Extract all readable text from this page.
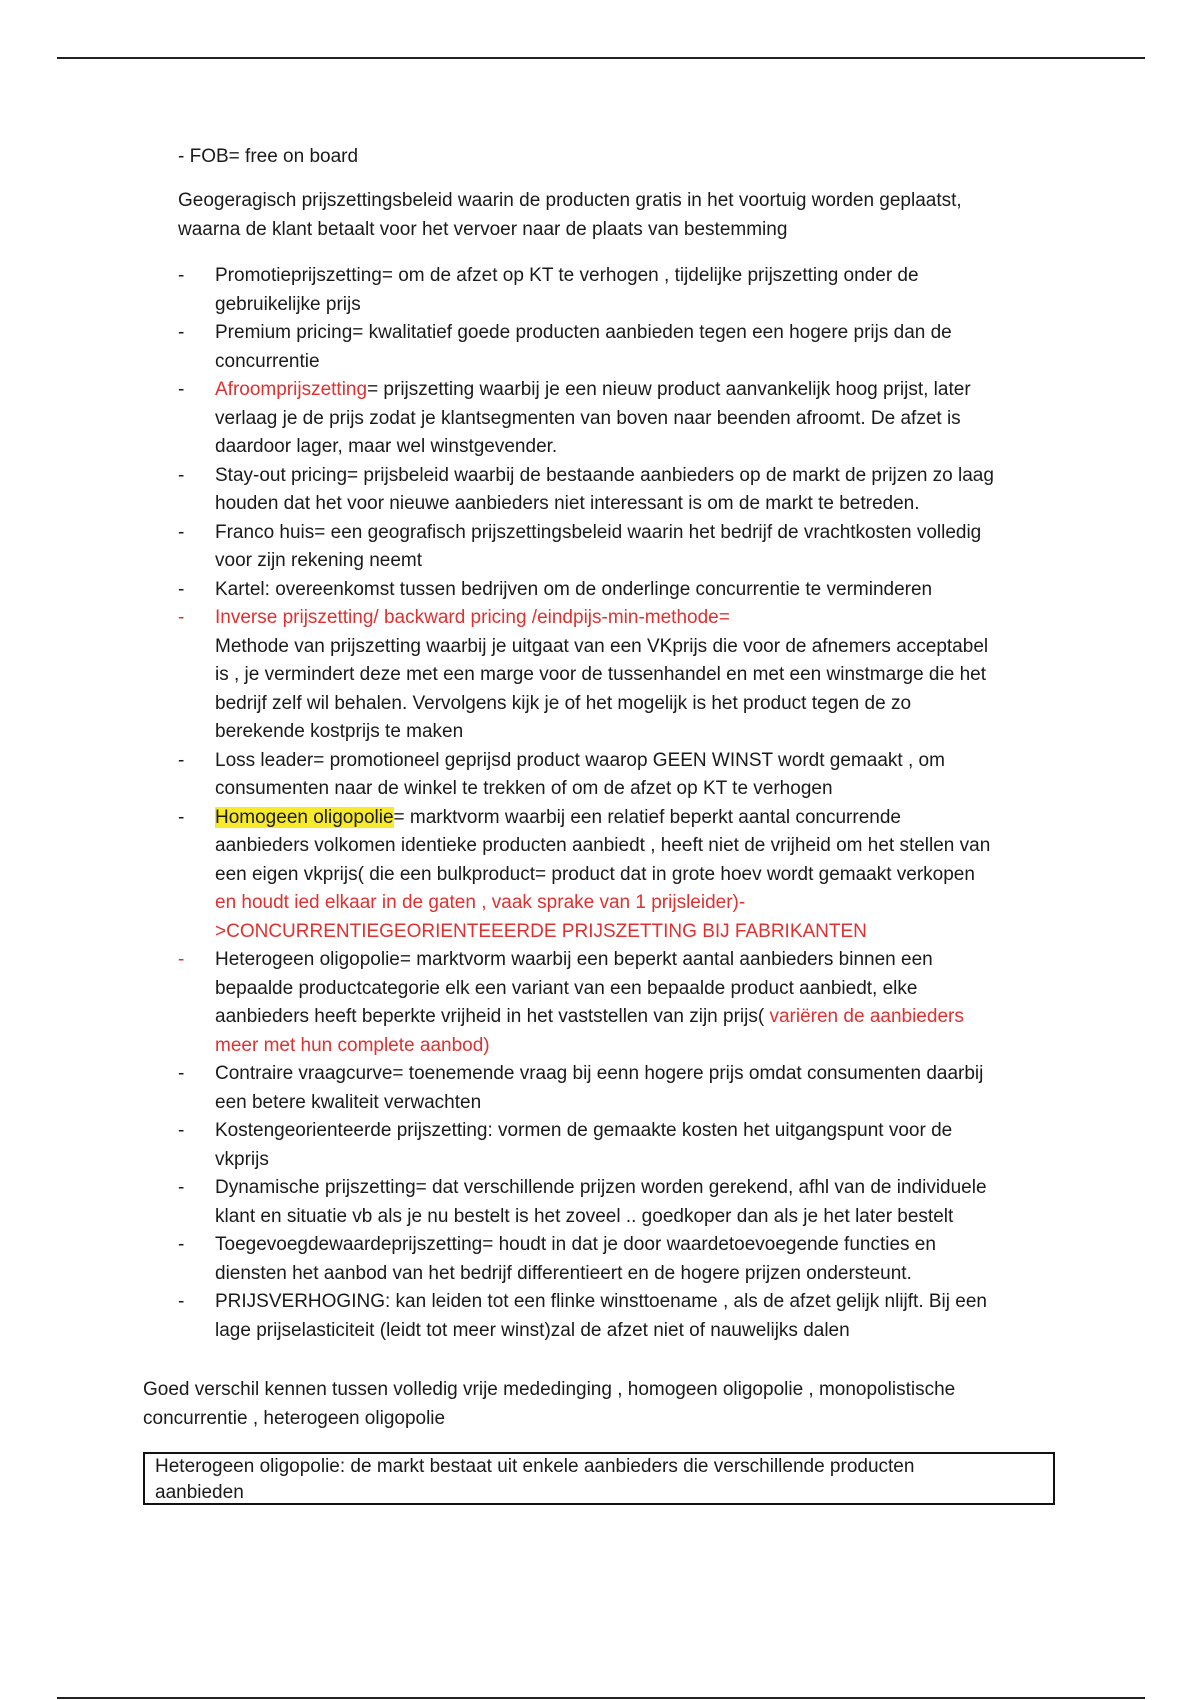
- FOB= free on board
Geogeragisch prijszettingsbeleid waarin de producten gratis in het voortuig worden geplaatst,
waarna de klant betaalt voor het vervoer naar de plaats van bestemming
- Promotieprijszetting= om de afzet op KT te verhogen , tijdelijke prijszetting onder de
gebruikelijke prijs
- Premium pricing= kwalitatief goede producten aanbieden tegen een hogere prijs dan de
concurrentie
- Afroomprijszetting= prijszetting waarbij je een nieuw product aanvankelijk hoog prijst, later
verlaag je de prijs zodat je klantsegmenten van boven naar beenden afroomt. De afzet is
daardoor lager, maar wel winstgevender.
- Stay-out pricing= prijsbeleid waarbij de bestaande aanbieders op de markt de prijzen zo laag
houden dat het voor nieuwe aanbieders niet interessant is om de markt te betreden.
- Franco huis= een geografisch prijszettingsbeleid waarin het bedrijf de vrachtkosten volledig
voor zijn rekening neemt
- Kartel: overeenkomst tussen bedrijven om de onderlinge concurrentie te verminderen
- Inverse prijszetting/ backward pricing /eindpijs-min-methode=
Methode van prijszetting waarbij je uitgaat van een VKprijs die voor de afnemers acceptabel
is , je vermindert deze met een marge voor de tussenhandel en met een winstmarge die het
bedrijf zelf wil behalen. Vervolgens kijk je of het mogelijk is het product tegen de zo
berekende kostprijs te maken
- Loss leader= promotioneel geprijsd product waarop GEEN WINST wordt gemaakt , om
consumenten naar de winkel te trekken of om de afzet op KT te verhogen
- Homogeen oligopolie= marktvorm waarbij een relatief beperkt aantal concurrende
aanbieders volkomen identieke producten aanbiedt , heeft niet de vrijheid om het stellen van
een eigen vkprijs( die een bulkproduct= product dat in grote hoev wordt gemaakt verkopen
en houdt ied elkaar in de gaten , vaak sprake van 1 prijsleider)-
>CONCURRENTIEGEORIENTEEERDE PRIJSZETTING BIJ FABRIKANTEN
- Heterogeen oligopolie= marktvorm waarbij een beperkt aantal aanbieders binnen een
bepaalde productcategorie elk een variant van een bepaalde product aanbiedt, elke
aanbieders heeft beperkte vrijheid in het vaststellen van zijn prijs( variëren de aanbieders
meer met hun complete aanbod)
- Contraire vraagcurve= toenemende vraag bij eenn hogere prijs omdat consumenten daarbij
een betere kwaliteit verwachten
- Kostengeorienteerde prijszetting: vormen de gemaakte kosten het uitgangspunt voor de
vkprijs
- Dynamische prijszetting= dat verschillende prijzen worden gerekend, afhl van de individuele
klant en situatie vb als je nu bestelt is het zoveel .. goedkoper dan als je het later bestelt
- Toegevoegdewaardeprijszetting= houdt in dat je door waardetoevoegende functies en
diensten het aanbod van het bedrijf differentieert en de hogere prijzen ondersteunt.
- PRIJSVERHOGING: kan leiden tot een flinke winsttoename , als de afzet gelijk nlijft. Bij een
lage prijselasticiteit (leidt tot meer winst)zal de afzet niet of nauwelijks dalen
Goed verschil kennen tussen volledig vrije mededinging , homogeen oligopolie , monopolistische
concurrentie , heterogeen oligopolie
Heterogeen oligopolie: de markt bestaat uit enkele aanbieders die verschillende producten
aanbieden
